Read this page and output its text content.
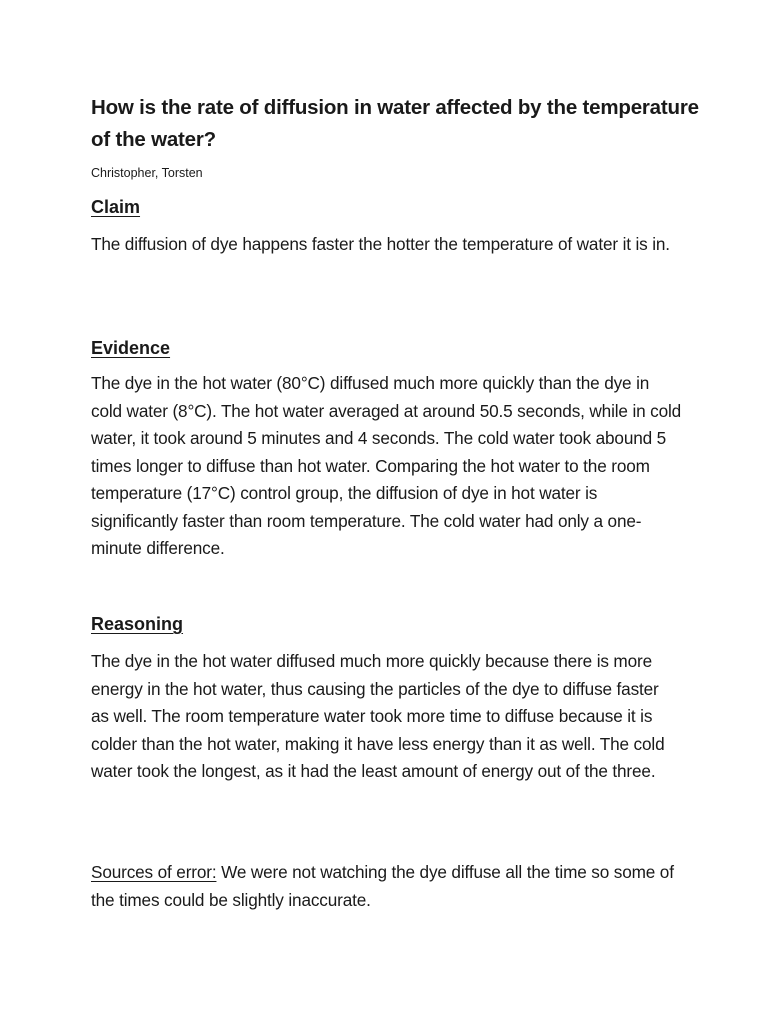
How is the rate of diffusion in water affected by the temperature of the water?

Christopher, Torsten

Claim

The diffusion of dye happens faster the hotter the temperature of water it is in.

Evidence

The dye in the hot water (80°C) diffused much more quickly than the dye in cold water (8°C). The hot water averaged at around 50.5 seconds, while in cold water, it took around 5 minutes and 4 seconds. The cold water took abound 5 times longer to diffuse than hot water. Comparing the hot water to the room temperature (17°C) control group, the diffusion of dye in hot water is significantly faster than room temperature. The cold water had only a one-minute difference.

Reasoning

The dye in the hot water diffused much more quickly because there is more energy in the hot water, thus causing the particles of the dye to diffuse faster as well. The room temperature water took more time to diffuse because it is colder than the hot water, making it have less energy than it as well. The cold water took the longest, as it had the least amount of energy out of the three.

Sources of error: We were not watching the dye diffuse all the time so some of the times could be slightly inaccurate.
